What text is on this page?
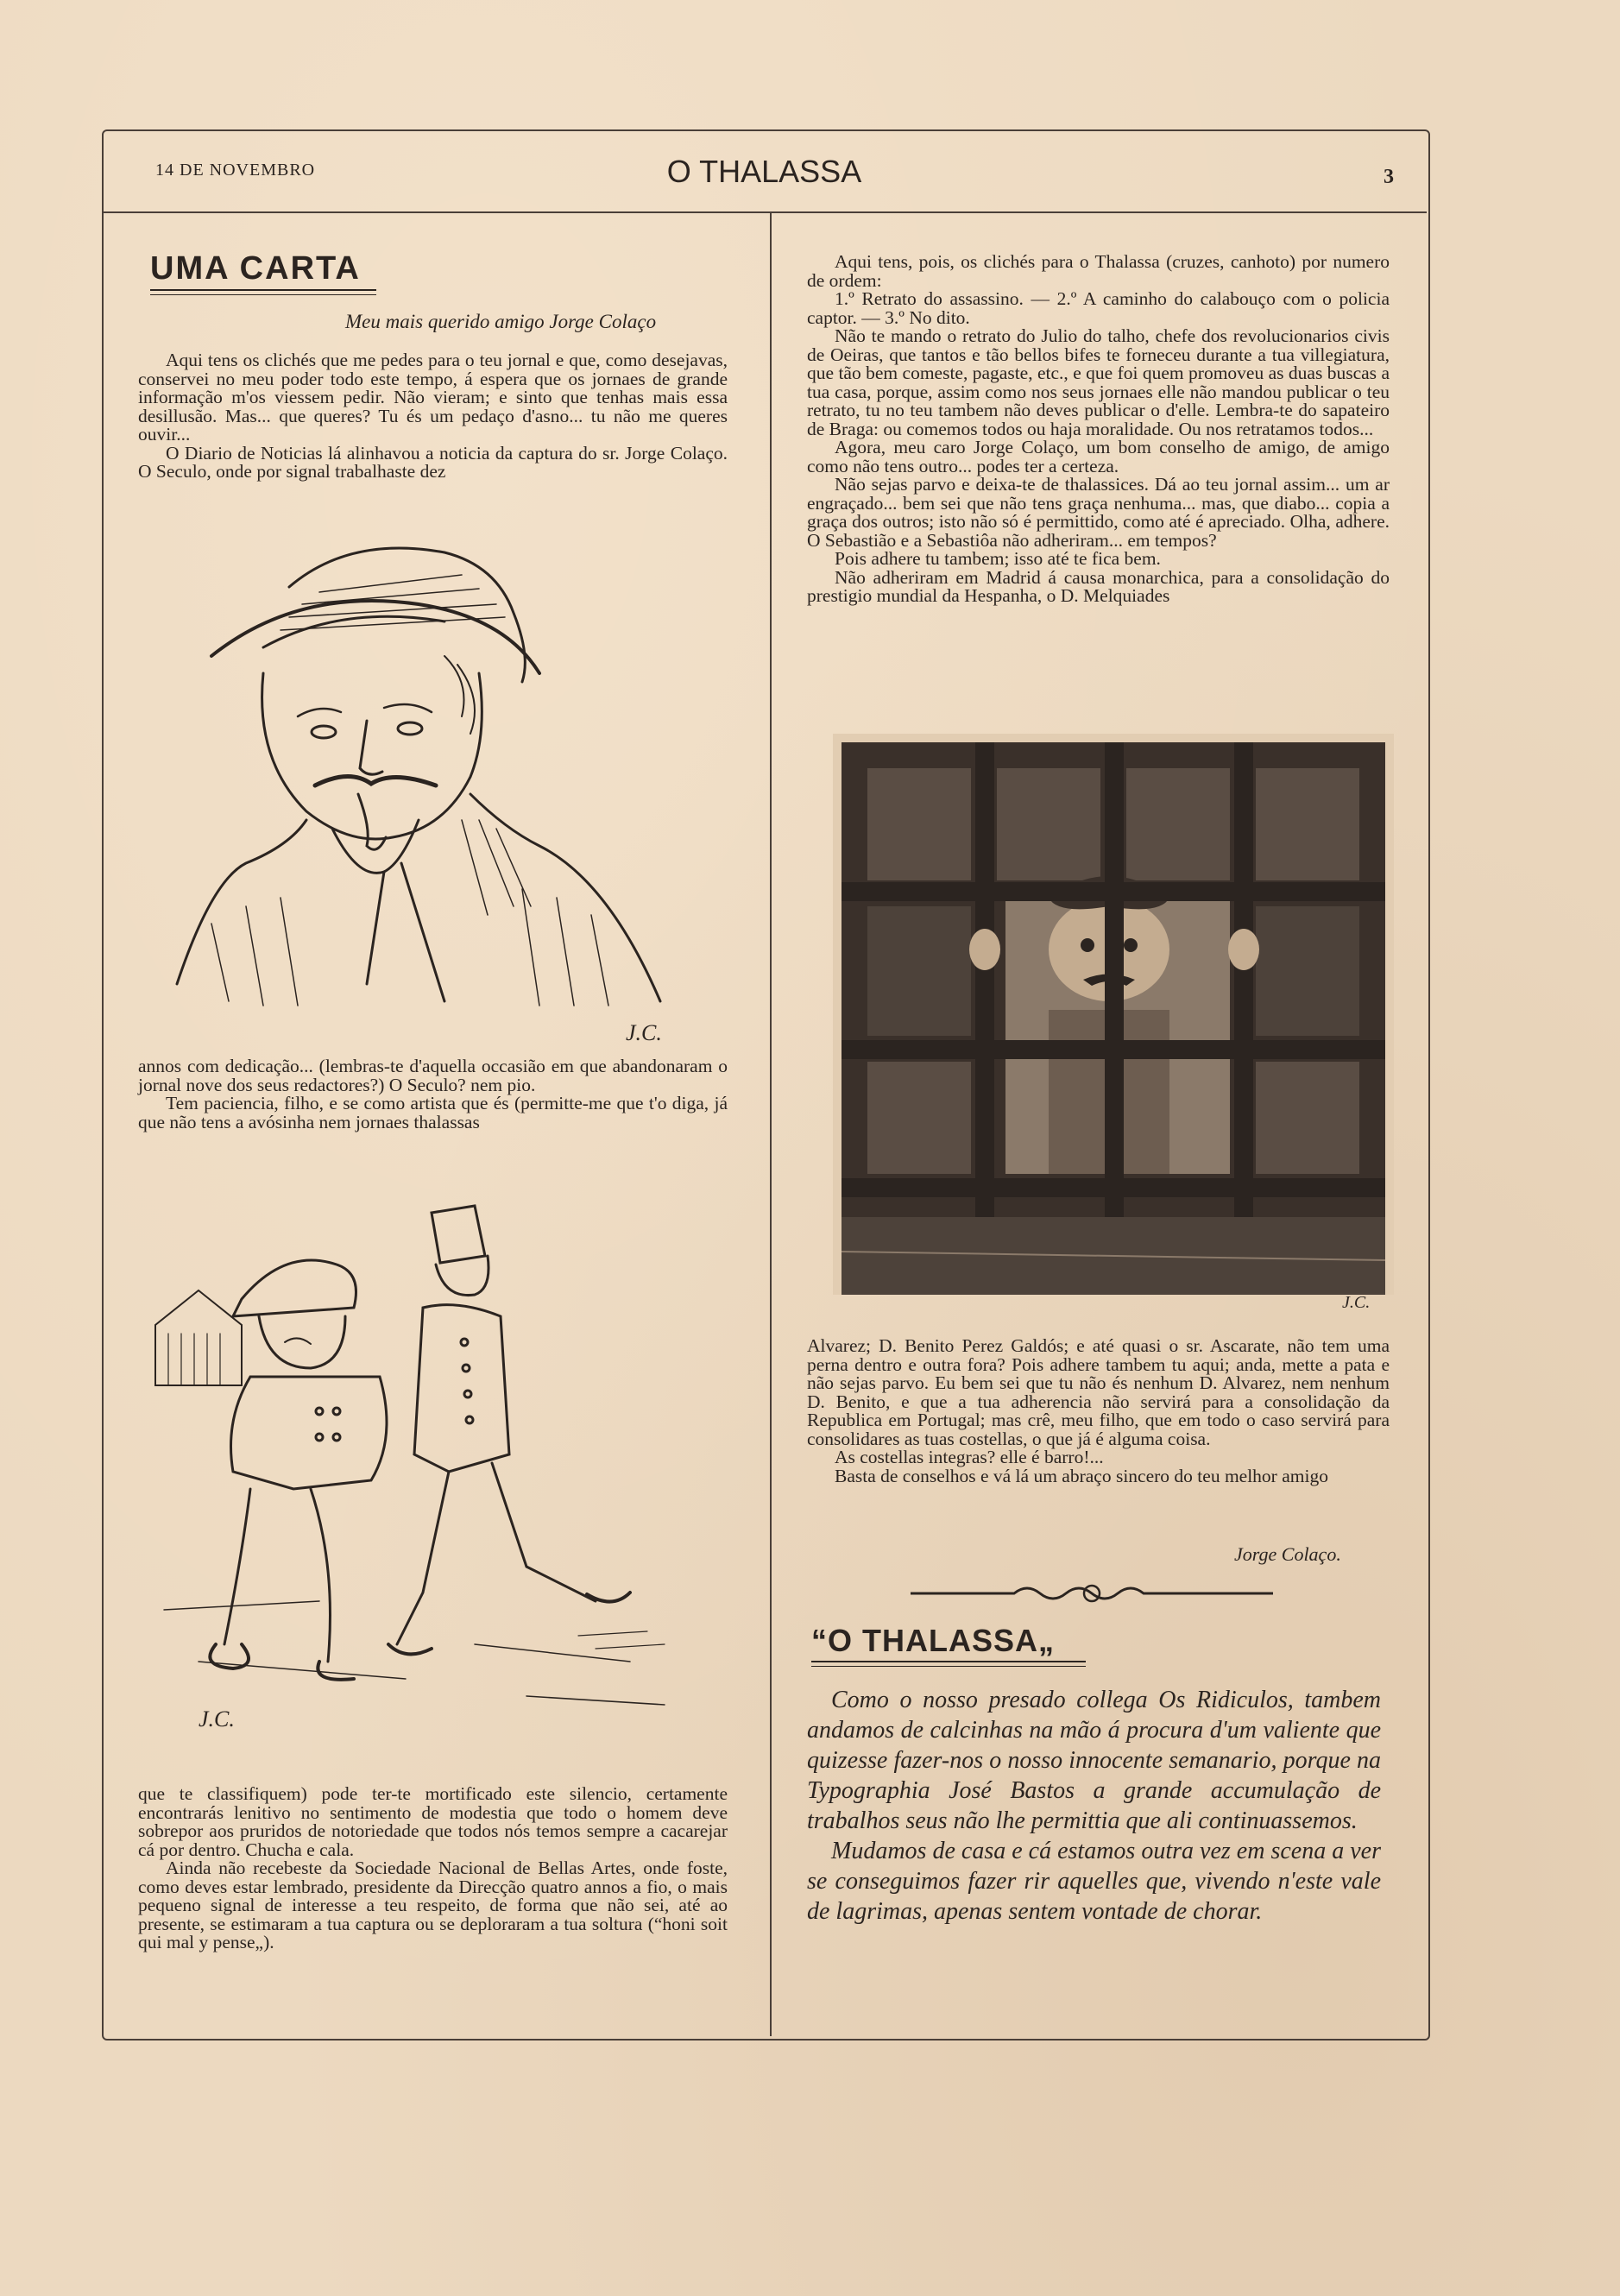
14 DE NOVEMBRO	O THALASSA	3
UMA CARTA
Meu mais querido amigo Jorge Colaço

Aqui tens os clichés que me pedes para o teu jornal e que, como desejavas, conservei no meu poder todo este tempo, á espera que os jornaes de grande informação m'os viessem pedir. Não vieram; e sinto que tenhas mais essa desillusão. Mas... que queres? Tu és um pedaço d'asno... tu não me queres ouvir...

O Diario de Noticias lá alinhavou a noticia da captura do sr. Jorge Colaço. O Seculo, onde por signal trabalhaste dez

J.C.

annos com dedicação... (lembras-te d'aquella occasião em que abandonaram o jornal nove dos seus redactores?) O Seculo? nem pio.

Tem paciencia, filho, e se como artista que és (permitte-me que t'o diga, já que não tens a avósinha nem jornaes thalassas

J.C.

que te classifiquem) pode ter-te mortificado este silencio, certamente encontrarás lenitivo no sentimento de modestia que todo o homem deve sobrepor aos pruridos de notoriedade que todos nós temos sempre a cacarejar cá por dentro. Chucha e cala.

Ainda não recebeste da Sociedade Nacional de Bellas Artes, onde foste, como deves estar lembrado, presidente da Direcção quatro annos a fio, o mais pequeno signal de interesse a teu respeito, de forma que não sei, até ao presente, se estimaram a tua captura ou se deploraram a tua soltura (“honi soit qui mal y pense„).

Aqui tens, pois, os clichés para o Thalassa (cruzes, canhoto) por numero de ordem:

1.º Retrato do assassino. — 2.º A caminho do calabouço com o policia captor. — 3.º No dito.

Não te mando o retrato do Julio do talho, chefe dos revolucionarios civis de Oeiras, que tantos e tão bellos bifes te forneceu durante a tua villegiatura, que tão bem comeste, pagaste, etc., e que foi quem promoveu as duas buscas a tua casa, porque, assim como nos seus jornaes elle não mandou publicar o teu retrato, tu no teu tambem não deves publicar o d'elle. Lembra-te do sapateiro de Braga: ou comemos todos ou haja moralidade. Ou nos retratamos todos...

Agora, meu caro Jorge Colaço, um bom conselho de amigo, de amigo como não tens outro... podes ter a certeza.

Não sejas parvo e deixa-te de thalassices. Dá ao teu jornal assim... um ar engraçado... bem sei que não tens graça nenhuma... mas, que diabo... copia a graça dos outros; isto não só é permittido, como até é apreciado. Olha, adhere. O Sebastião e a Sebastiôa não adheriram... em tempos?

Pois adhere tu tambem; isso até te fica bem.

Não adheriram em Madrid á causa monarchica, para a consolidação do prestigio mundial da Hespanha, o D. Melquiades

J.C.

Alvarez; D. Benito Perez Galdós; e até quasi o sr. Ascarate, não tem uma perna dentro e outra fora? Pois adhere tambem tu aqui; anda, mette a pata e não sejas parvo. Eu bem sei que tu não és nenhum D. Alvarez, nem nenhum D. Benito, e que a tua adherencia não servirá para a consolidação da Republica em Portugal; mas crê, meu filho, que em todo o caso servirá para consolidares as tuas costellas, o que já é alguma coisa.

As costellas integras? elle é barro!...

Basta de conselhos e vá lá um abraço sincero do teu melhor amigo

Jorge Colaço.
“O THALASSA„

Como o nosso presado collega Os Ridiculos, tambem andamos de calcinhas na mão á procura d'um valiente que quizesse fazer-nos o nosso innocente semanario, porque na Typographia José Bastos a grande accumulação de trabalhos seus não lhe permittia que ali continuassemos.

Mudamos de casa e cá estamos outra vez em scena a ver se conseguimos fazer rir aquelles que, vivendo n'este vale de lagrimas, apenas sentem vontade de chorar.
